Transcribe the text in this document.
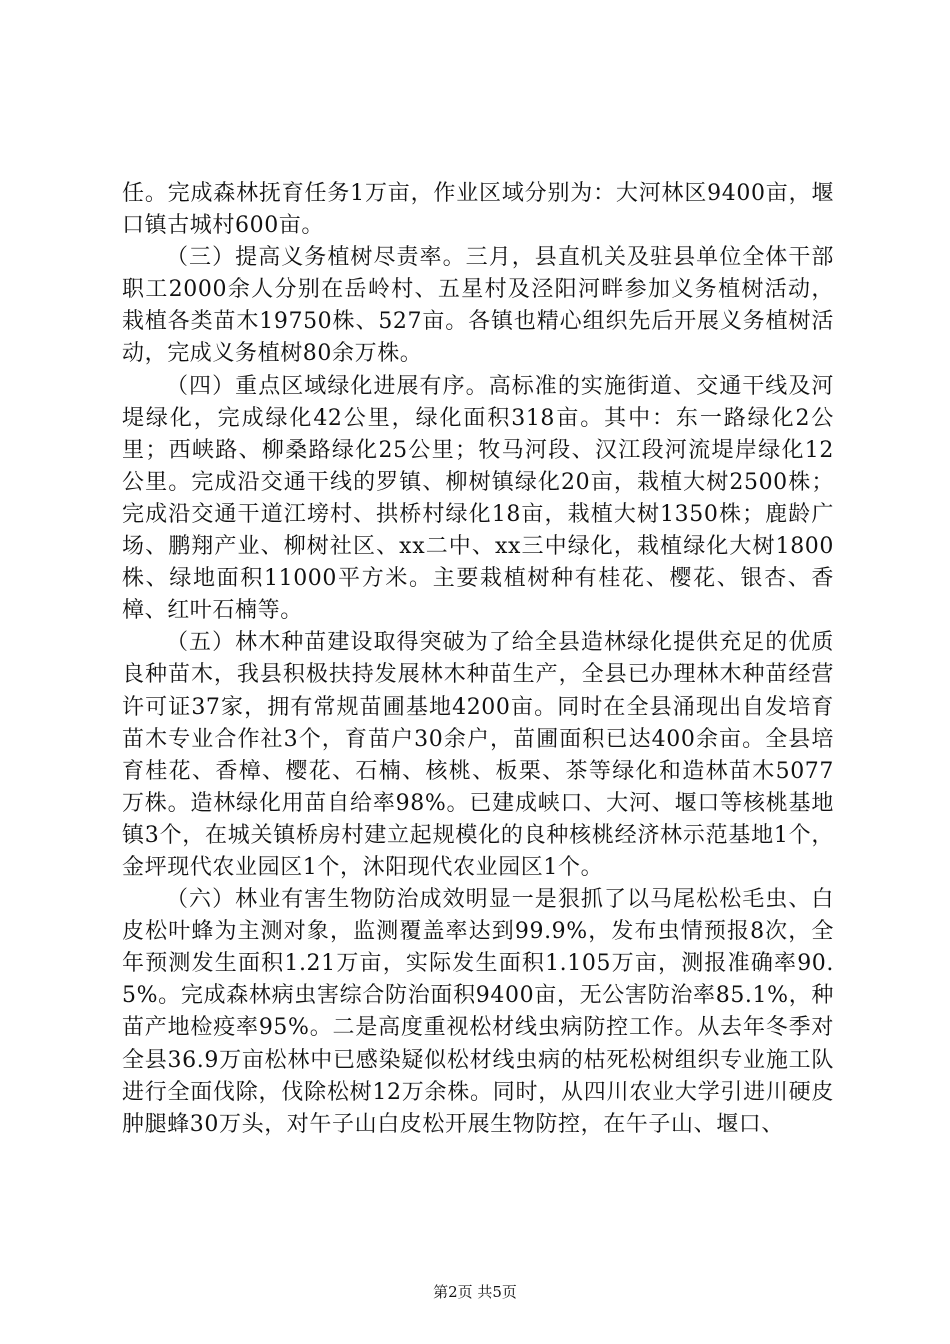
任。完成森林抚育任务1万亩，作业区域分别为：大河林区9400亩，堰口镇古城村600亩。

（三）提高义务植树尽责率。三月，县直机关及驻县单位全体干部职工2000余人分别在岳岭村、五星村及泾阳河畔参加义务植树活动，栽植各类苗木19750株、527亩。各镇也精心组织先后开展义务植树活动，完成义务植树80余万株。

（四）重点区域绿化进展有序。高标准的实施街道、交通干线及河堤绿化，完成绿化42公里，绿化面积318亩。其中：东一路绿化2公里；西峡路、柳桑路绿化25公里；牧马河段、汉江段河流堤岸绿化12公里。完成沿交通干线的罗镇、柳树镇绿化20亩，栽植大树2500株；完成沿交通干道江塝村、拱桥村绿化18亩，栽植大树1350株；鹿龄广场、鹏翔产业、柳树社区、xx二中、xx三中绿化，栽植绿化大树1800株、绿地面积11000平方米。主要栽植树种有桂花、樱花、银杏、香樟、红叶石楠等。

（五）林木种苗建设取得突破为了给全县造林绿化提供充足的优质良种苗木，我县积极扶持发展林木种苗生产，全县已办理林木种苗经营许可证37家，拥有常规苗圃基地4200亩。同时在全县涌现出自发培育苗木专业合作社3个，育苗户30余户，苗圃面积已达400余亩。全县培育桂花、香樟、樱花、石楠、核桃、板栗、茶等绿化和造林苗木5077万株。造林绿化用苗自给率98%。已建成峡口、大河、堰口等核桃基地镇3个，在城关镇桥房村建立起规模化的良种核桃经济林示范基地1个，金坪现代农业园区1个，沐阳现代农业园区1个。

（六）林业有害生物防治成效明显一是狠抓了以马尾松松毛虫、白皮松叶蜂为主测对象，监测覆盖率达到99.9%，发布虫情预报8次，全年预测发生面积1.21万亩，实际发生面积1.105万亩，测报准确率90.5%。完成森林病虫害综合防治面积9400亩，无公害防治率85.1%，种苗产地检疫率95%。二是高度重视松材线虫病防控工作。从去年冬季对全县36.9万亩松林中已感染疑似松材线虫病的枯死松树组织专业施工队进行全面伐除，伐除松树12万余株。同时，从四川农业大学引进川硬皮肿腿蜂30万头，对午子山白皮松开展生物防控，在午子山、堰口、

第2页 共5页
